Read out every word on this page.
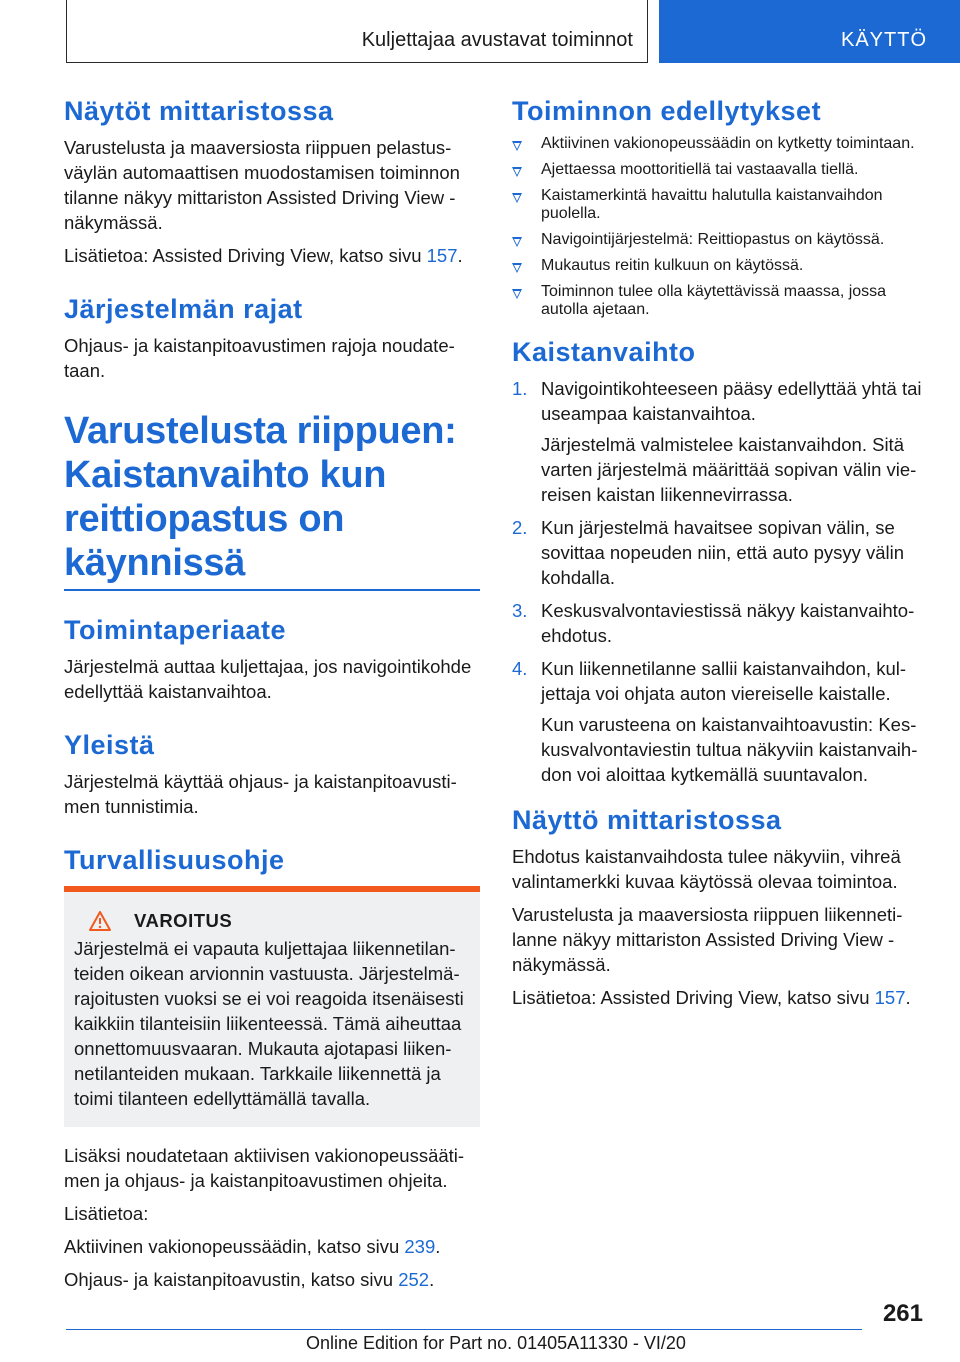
Kuljettajaa avustavat toiminnot	KÄYTTÖ
Näytöt mittaristossa

Varustelusta ja maaversiosta riippuen pelastusväylän automaattisen muodostamisen toiminnon tilanne näkyy mittariston Assisted Driving View -näkymässä.

Lisätietoa: Assisted Driving View, katso sivu 157.

Järjestelmän rajat

Ohjaus- ja kaistanpitoavustimen rajoja noudatetaan.

Varustelusta riippuen:
Kaistanvaihto kun
reittiopastus on käynnissä
Toimintaperiaate

Järjestelmä auttaa kuljettajaa, jos navigointikohde edellyttää kaistanvaihtoa.

Yleistä

Järjestelmä käyttää ohjaus- ja kaistanpitoavustimen tunnistimia.

Turvallisuusohje
VAROITUS

Järjestelmä ei vapauta kuljettajaa liikennetilanteiden oikean arvionnin vastuusta. Järjestelmärajoitusten vuoksi se ei voi reagoida itsenäisesti kaikkiin tilanteisiin liikenteessä. Tämä aiheuttaa onnettomuusvaaran. Mukauta ajotapasi liikennetilanteiden mukaan. Tarkkaile liikennettä ja toimi tilanteen edellyttämällä tavalla.

Lisäksi noudatetaan aktiivisen vakionopeussäätimen ja ohjaus- ja kaistanpitoavustimen ohjeita.

Lisätietoa:

Aktiivinen vakionopeussäädin, katso sivu 239.

Ohjaus- ja kaistanpitoavustin, katso sivu 252.

Toiminnon edellytykset
Aktiivinen vakionopeussäädin on kytketty toimintaan.
Ajettaessa moottoritiellä tai vastaavalla tiellä.
Kaistamerkintä havaittu halutulla kaistanvaihdon puolella.
Navigointijärjestelmä: Reittiopastus on käytössä.
Mukautus reitin kulkuun on käytössä.
Toiminnon tulee olla käytettävissä maassa, jossa autolla ajetaan.
Kaistanvaihto
1. Navigointikohteeseen pääsy edellyttää yhtä tai useampaa kaistanvaihtoa.

Järjestelmä valmistelee kaistanvaihdon. Sitä varten järjestelmä määrittää sopivan välin viereisen kaistan liikennevirrassa.

2. Kun järjestelmä havaitsee sopivan välin, se sovittaa nopeuden niin, että auto pysyy välin kohdalla.

3. Keskusvalvontaviestissä näkyy kaistanvaihtoehdotus.

4. Kun liikennetilanne sallii kaistanvaihdon, kuljettaja voi ohjata auton viereiselle kaistalle.

Kun varusteena on kaistanvaihtoavustin: Keskusvalvontaviestin tultua näkyviin kaistanvaihdon voi aloittaa kytkemällä suuntavalon.

Näyttö mittaristossa

Ehdotus kaistanvaihdosta tulee näkyviin, vihreä valintamerkki kuvaa käytössä olevaa toimintoa.

Varustelusta ja maaversiosta riippuen liikennetilanne näkyy mittariston Assisted Driving View -näkymässä.

Lisätietoa: Assisted Driving View, katso sivu 157.

261
Online Edition for Part no. 01405A11330 - VI/20
